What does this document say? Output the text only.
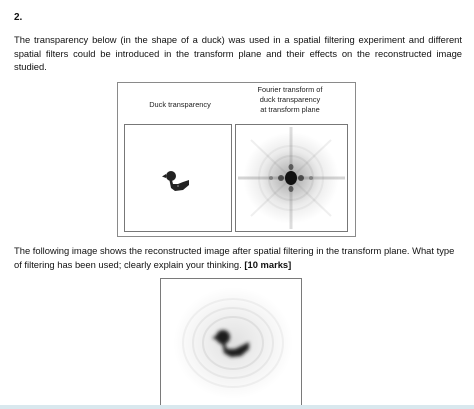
2.

The transparency below (in the shape of a duck) was used in a spatial filtering experiment and different spatial filters could be introduced in the transform plane and their effects on the reconstructed image studied.

Duck transparency
Fourier transform of
duck transparency
at transform plane

The following image shows the reconstructed image after spatial filtering in the transform plane. What type of filtering has been used; clearly explain your thinking. [10 marks]
